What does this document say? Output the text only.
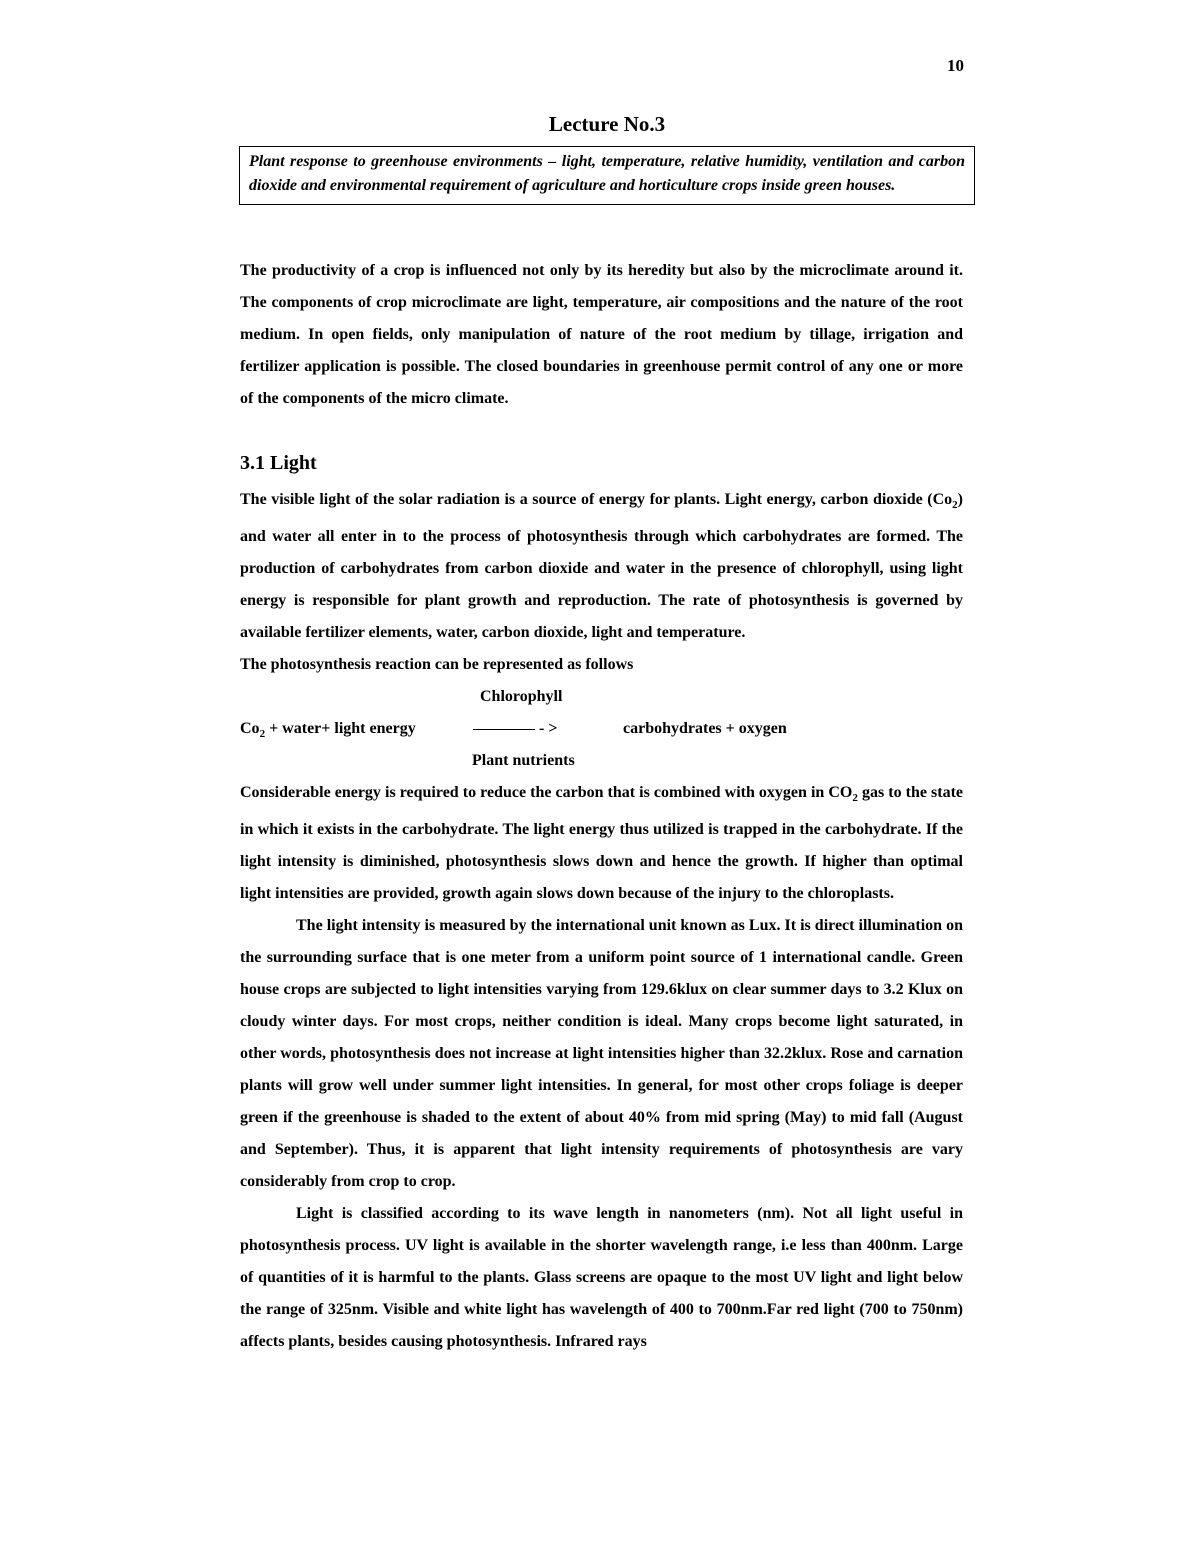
10
Lecture No.3
Plant response to greenhouse environments – light, temperature, relative humidity, ventilation and carbon dioxide and environmental requirement of agriculture and horticulture crops inside green houses.

The productivity of a crop is influenced not only by its heredity but also by the microclimate around it. The components of crop microclimate are light, temperature, air compositions and the nature of the root medium. In open fields, only manipulation of nature of the root medium by tillage, irrigation and fertilizer application is possible. The closed boundaries in greenhouse permit control of any one or more of the components of the micro climate.

3.1 Light

The visible light of the solar radiation is a source of energy for plants. Light energy, carbon dioxide $(Co_2)$ and water all enter in to the process of photosynthesis through which carbohydrates are formed. The production of carbohydrates from carbon dioxide and water in the presence of chlorophyll, using light energy is responsible for plant growth and reproduction. The rate of photosynthesis is governed by available fertilizer elements, water, carbon dioxide, light and temperature.

The photosynthesis reaction can be represented as follows

Chlorophyll
$Co_2$ + water+ light energy	- >	carbohydrates + oxygen
Plant nutrients

Considerable energy is required to reduce the carbon that is combined with oxygen in $CO_2$ gas to the state in which it exists in the carbohydrate. The light energy thus utilized is trapped in the carbohydrate. If the light intensity is diminished, photosynthesis slows down and hence the growth. If higher than optimal light intensities are provided, growth again slows down because of the injury to the chloroplasts.

The light intensity is measured by the international unit known as Lux. It is direct illumination on the surrounding surface that is one meter from a uniform point source of 1 international candle. Green house crops are subjected to light intensities varying from 129.6klux on clear summer days to 3.2 Klux on cloudy winter days. For most crops, neither condition is ideal. Many crops become light saturated, in other words, photosynthesis does not increase at light intensities higher than 32.2klux. Rose and carnation plants will grow well under summer light intensities. In general, for most other crops foliage is deeper green if the greenhouse is shaded to the extent of about 40% from mid spring (May) to mid fall (August and September). Thus, it is apparent that light intensity requirements of photosynthesis are vary considerably from crop to crop.

Light is classified according to its wave length in nanometers (nm). Not all light useful in photosynthesis process. UV light is available in the shorter wavelength range, i.e less than 400nm. Large of quantities of it is harmful to the plants. Glass screens are opaque to the most UV light and light below the range of 325nm. Visible and white light has wavelength of 400 to 700nm.Far red light (700 to 750nm) affects plants, besides causing photosynthesis. Infrared rays
